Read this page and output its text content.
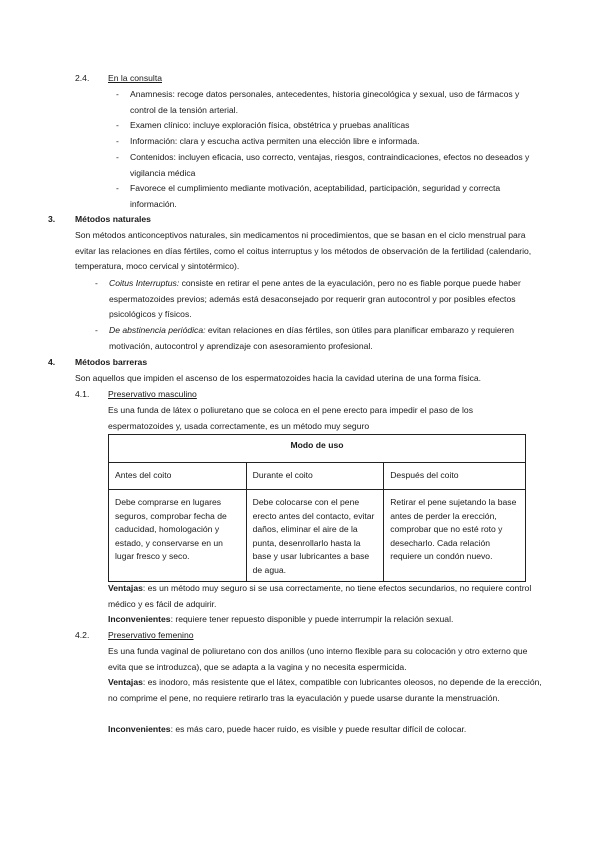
2.4.	En la consulta
- Anamnesis: recoge datos personales, antecedentes, historia ginecológica y sexual, uso de fármacos y control de la tensión arterial.
- Examen clínico: incluye exploración física, obstétrica y pruebas analíticas
- Información: clara y escucha activa permiten una elección libre e informada.
- Contenidos: incluyen eficacia, uso correcto, ventajas, riesgos, contraindicaciones, efectos no deseados y vigilancia médica
- Favorece el cumplimiento mediante motivación, aceptabilidad, participación, seguridad y correcta información.
3.	Métodos naturales
Son métodos anticonceptivos naturales, sin medicamentos ni procedimientos, que se basan en el ciclo menstrual para evitar las relaciones en días fértiles, como el coitus interruptus y los métodos de observación de la fertilidad (calendario, temperatura, moco cervical y sintotérmico).
- Coitus Interruptus: consiste en retirar el pene antes de la eyaculación, pero no es fiable porque puede haber espermatozoides previos; además está desaconsejado por requerir gran autocontrol y por posibles efectos psicológicos y físicos.
- De abstinencia periódica: evitan relaciones en días fértiles, son útiles para planificar embarazo y requieren motivación, autocontrol y aprendizaje con asesoramiento profesional.
4.	Métodos barreras
Son aquellos que impiden el ascenso de los espermatozoides hacia la cavidad uterina de una forma física.
4.1.	Preservativo masculino
Es una funda de látex o poliuretano que se coloca en el pene erecto para impedir el paso de los espermatozoides y, usada correctamente, es un método muy seguro
Modo de uso		
Antes del coito	Durante el coito	Después del coito
Debe comprarse en lugares seguros, comprobar fecha de caducidad, homologación y estado, y conservarse en un lugar fresco y seco.	Debe colocarse con el pene erecto antes del contacto, evitar daños, eliminar el aire de la punta, desenrollarlo hasta la base y usar lubricantes a base de agua.	Retirar el pene sujetando la base antes de perder la erección, comprobar que no esté roto y desecharlo. Cada relación requiere un condón nuevo.
Ventajas: es un método muy seguro si se usa correctamente, no tiene efectos secundarios, no requiere control médico y es fácil de adquirir.
Inconvenientes: requiere tener repuesto disponible y puede interrumpir la relación sexual.
4.2.	Preservativo femenino
Es una funda vaginal de poliuretano con dos anillos (uno interno flexible para su colocación y otro externo que evita que se introduzca), que se adapta a la vagina y no necesita espermicida.
Ventajas: es inodoro, más resistente que el látex, compatible con lubricantes oleosos, no depende de la erección, no comprime el pene, no requiere retirarlo tras la eyaculación y puede usarse durante la menstruación.
Inconvenientes: es más caro, puede hacer ruido, es visible y puede resultar difícil de colocar.
